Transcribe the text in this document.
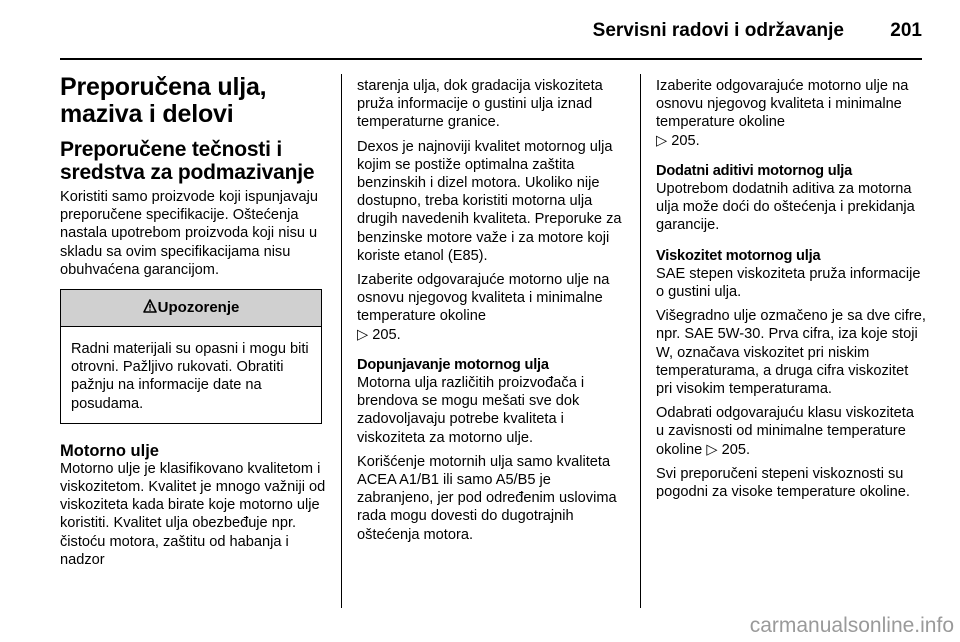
Servisni radovi i održavanje 201
Preporučena ulja, maziva i delovi
Preporučene tečnosti i sredstva za podmazivanje

Koristiti samo proizvode koji ispunjavaju preporučene specifikacije. Oštećenja nastala upotrebom proizvoda koji nisu u skladu sa ovim specifikacijama nisu obuhvaćena garancijom.

Upozorenje
Radni materijali su opasni i mogu biti otrovni. Pažljivo rukovati. Obratiti pažnju na informacije date na posudama.
Motorno ulje

Motorno ulje je klasifikovano kvalitetom i viskozitetom. Kvalitet je mnogo važniji od viskoziteta kada birate koje motorno ulje koristiti. Kvalitet ulja obezbeđuje npr. čistoću motora, zaštitu od habanja i nadzor

starenja ulja, dok gradacija viskoziteta pruža informacije o gustini ulja iznad temperaturne granice.

Dexos je najnoviji kvalitet motornog ulja kojim se postiže optimalna zaštita benzinskih i dizel motora. Ukoliko nije dostupno, treba koristiti motorna ulja drugih navedenih kvaliteta. Preporuke za benzinske motore važe i za motore koji koriste etanol (E85).

Izaberite odgovarajuće motorno ulje na osnovu njegovog kvaliteta i minimalne temperature okoline
▷ 205.

Dopunjavanje motornog ulja

Motorna ulja različitih proizvođača i brendova se mogu mešati sve dok zadovoljavaju potrebe kvaliteta i viskoziteta za motorno ulje.

Korišćenje motornih ulja samo kvaliteta ACEA A1/B1 ili samo A5/B5 je zabranjeno, jer pod određenim uslovima rada mogu dovesti do dugotrajnih oštećenja motora.

Izaberite odgovarajuće motorno ulje na osnovu njegovog kvaliteta i minimalne temperature okoline
▷ 205.

Dodatni aditivi motornog ulja

Upotrebom dodatnih aditiva za motorna ulja može doći do oštećenja i prekidanja garancije.

Viskozitet motornog ulja

SAE stepen viskoziteta pruža informacije o gustini ulja.

Višegradno ulje ozmačeno je sa dve cifre, npr. SAE 5W-30. Prva cifra, iza koje stoji W, označava viskozitet pri niskim temperaturama, a druga cifra viskozitet pri visokim temperaturama.

Odabrati odgovarajuću klasu viskoziteta u zavisnosti od minimalne temperature okoline ▷ 205.

Svi preporučeni stepeni viskoznosti su pogodni za visoke temperature okoline.

carmanualsonline.info
